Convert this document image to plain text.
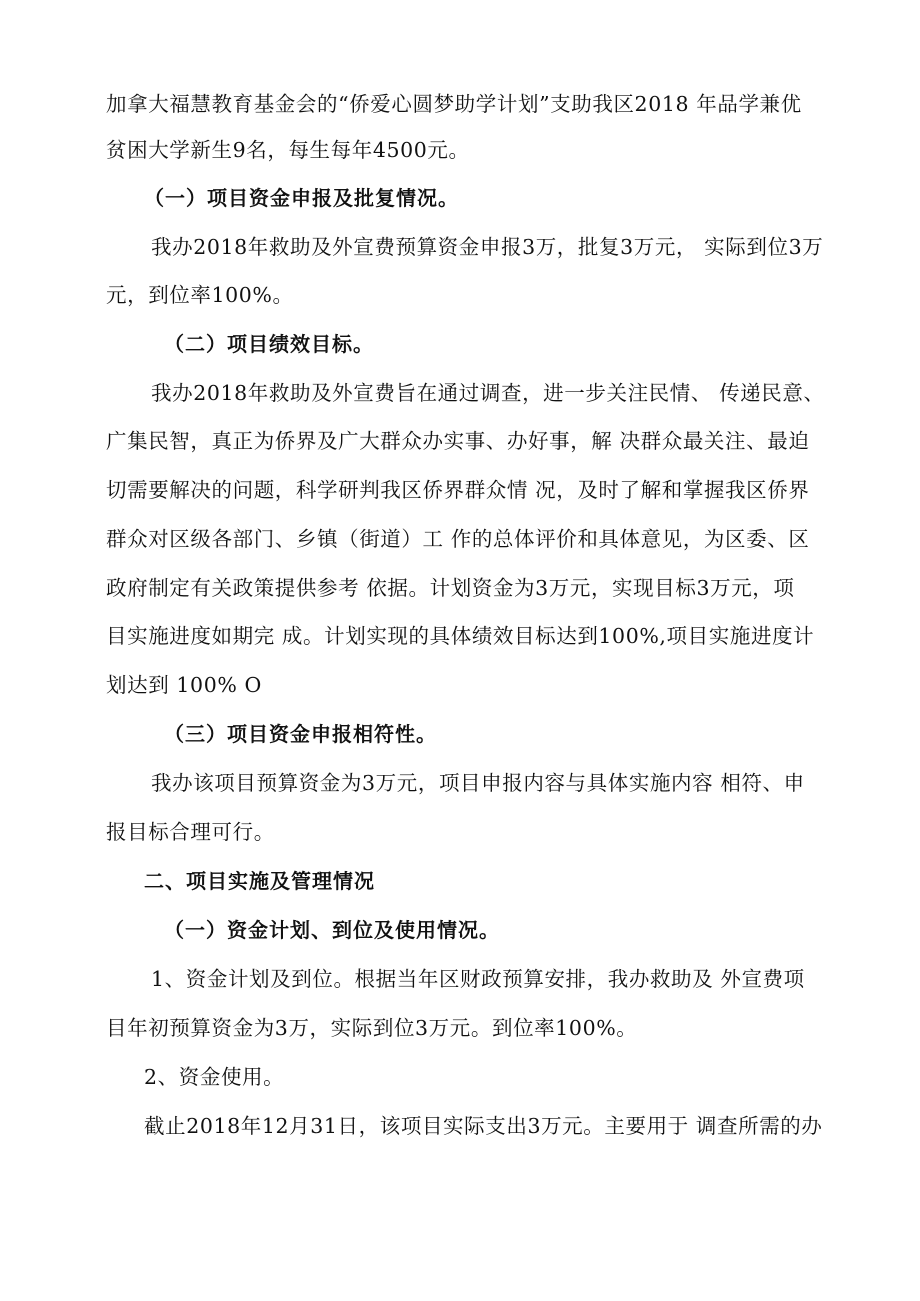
加拿大福慧教育基金会的“侨爱心圆梦助学计划”支助我区2018 年品学兼优
贫困大学新生9名，每生每年4500元。
（一）项目资金申报及批复情况。
我办2018年救助及外宣费预算资金申报3万，批复3万元， 实际到位3万
元，到位率100%。
（二）项目绩效目标。
我办2018年救助及外宣费旨在通过调查，进一步关注民情、 传递民意、
广集民智，真正为侨界及广大群众办实事、办好事，解 决群众最关注、最迫
切需要解决的问题，科学研判我区侨界群众情 况，及时了解和掌握我区侨界
群众对区级各部门、乡镇（街道）工 作的总体评价和具体意见，为区委、区
政府制定有关政策提供参考 依据。计划资金为3万元，实现目标3万元，项
目实施进度如期完 成。计划实现的具体绩效目标达到100%,项目实施进度计
划达到 100% O
（三）项目资金申报相符性。
我办该项目预算资金为3万元，项目申报内容与具体实施内容 相符、申
报目标合理可行。
二、项目实施及管理情况
（一）资金计划、到位及使用情况。
1、资金计划及到位。根据当年区财政预算安排，我办救助及 外宣费项
目年初预算资金为3万，实际到位3万元。到位率100%。
2、资金使用。
截止2018年12月31日，该项目实际支出3万元。主要用于 调查所需的办
